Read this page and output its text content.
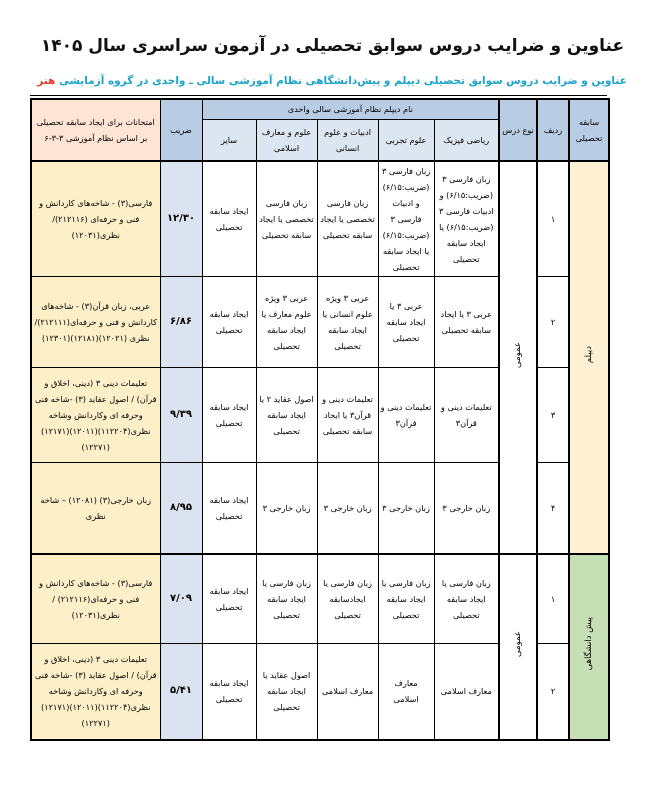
عناوین و ضرایب دروس سوابق تحصیلی در آزمون سراسری سال ۱۴۰۵
عناوین و ضرایب دروس سوابق تحصیلی دیپلم و پیش‌دانشگاهی نظام آموزشی سالی ـ واحدی در گروه آزمایشی هنر
سابقه تحصیلی	ردیف	نوع درس	نام دیپلم نظام آموزشی سالی واحدی					ضریب	امتحانات برای ایجاد سابقه تحصیلی بر اساس نظام آموزشی ۳-۳-۶
			ریاضی فیزیک	علوم تجربی	ادبیات و علوم انسانی	علوم و معارف اسلامی	سایر		
دیپلم	۱	عمومی	زبان فارسی ۳ (ضریب:۶/۱۵) و ادبیات فارسی ۳ (ضریب:۶/۱۵) یا ایجاد سابقه تحصیلی	زبان فارسی ۳ (ضریب:۶/۱۵) و ادبیات فارسی ۳ (ضریب:۶/۱۵) یا ایجاد سابقه تحصیلی	زبان فارسی تخصصی یا ایجاد سابقه تحصیلی	زبان فارسی تخصصی یا ایجاد سابقه تحصیلی	ایجاد سابقه تحصیلی	۱۲/۳۰	فارسی(۳) - شاخه‌های کاردانش و فنی و حرفه‌ای (۲۱۲۱۱۶)/ نظری(۱۲۰۳۱)
	۲		عربی ۳ یا ایجاد سابقه تحصیلی	عربی ۳ یا ایجاد سابقه تحصیلی	عربی ۳ ویژه علوم انسانی یا ایجاد سابقه تحصیلی	عربی ۳ ویژه علوم معارف یا ایجاد سابقه تحصیلی	ایجاد سابقه تحصیلی	۶/۸۶	عربی، زبان قرآن(۳) - شاخه‌های کاردانش و فنی و حرفه‌ای(۲۱۲۱۱۱)/نظری (۱۲۰۲۱)(۱۲۱۸۱)(۱۲۳۰۱)
	۳		تعلیمات دینی و قرآن۳	تعلیمات دینی و قرآن۳	تعلیمات دینی و قرآن۳ یا ایجاد سابقه تحصیلی	اصول عقاید ۲ یا ایجاد سابقه تحصیلی	ایجاد سابقه تحصیلی	۹/۳۹	تعلیمات دینی ۳ (دینی، اخلاق و قرآن) / اصول عقاید (۳) -شاخه فنی وحرفه ای وکاردانش وشاخه نظری(۱۱۲۲۰۴)(۱۲۰۱۱)(۱۲۱۷۱)(۱۲۲۷۱)
	۴		زبان خارجی ۳	زبان خارجی ۳	زبان خارجی ۳	زبان خارجی ۳	ایجاد سابقه تحصیلی	۸/۹۵	زبان خارجی(۳) (۱۲۰۸۱) – شاخه نظری
پیش دانشگاهی	۱	عمومی	زبان فارسی یا ایجاد سابقه تحصیلی	زبان فارسی یا ایجاد سابقه تحصیلی	زبان فارسی یا ایجادسابقه تحصیلی	زبان فارسی یا ایجاد سابقه تحصیلی	ایجاد سابقه تحصیلی	۷/۰۹	فارسی(۳) - شاخه‌های کاردانش و فنی و حرفه‌ای(۲۱۲۱۱۶) / نظری(۱۲۰۳۱)
	۲		معارف اسلامی	معارف اسلامی	معارف اسلامی	اصول عقاید یا ایجاد سابقه تحصیلی	ایجاد سابقه تحصیلی	۵/۴۱	تعلیمات دینی ۳ (دینی، اخلاق و قرآن) / اصول عقاید (۳) -شاخه فنی وحرفه ای وکاردانش وشاخه نظری(۱۱۲۲۰۴)(۱۲۰۱۱)(۱۲۱۷۱)(۱۲۲۷۱)
